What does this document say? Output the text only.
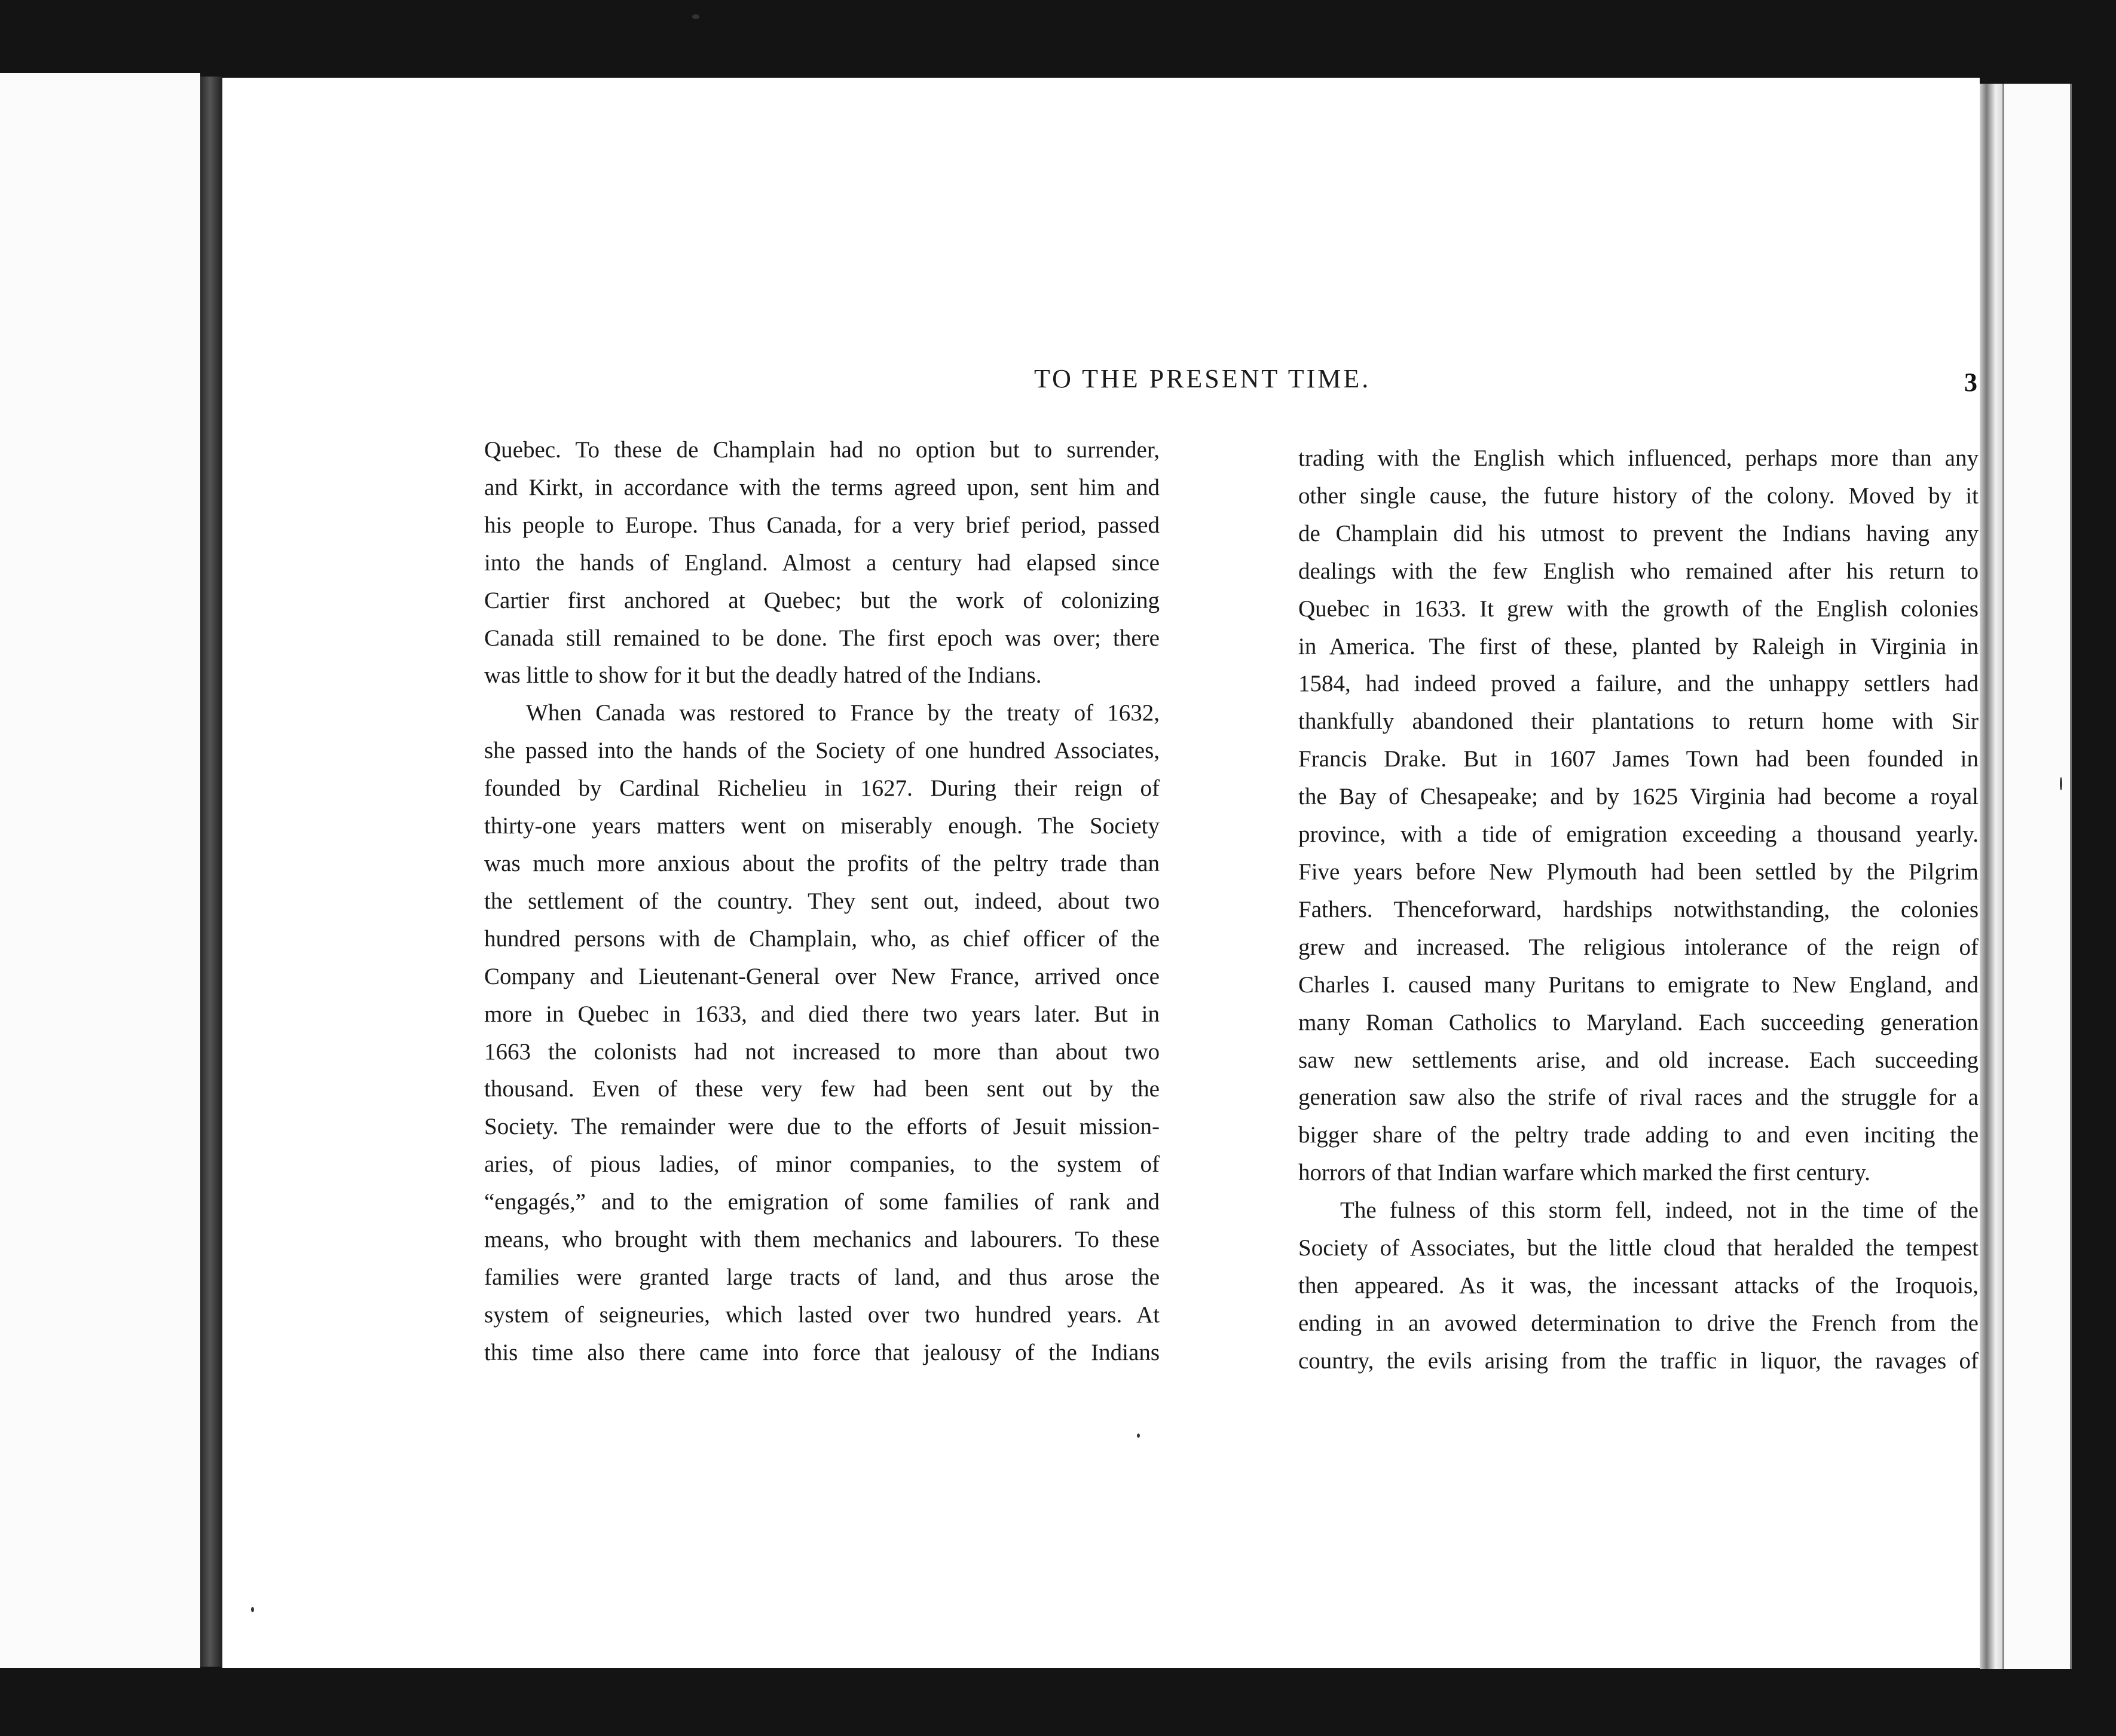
TO THE PRESENT TIME.	3
Quebec. To these de Champlain had no option but to surrender,
and Kirkt, in accordance with the terms agreed upon, sent him and
his people to Europe. Thus Canada, for a very brief period, passed
into the hands of England. Almost a century had elapsed since
Cartier first anchored at Quebec; but the work of colonizing
Canada still remained to be done. The first epoch was over; there
was little to show for it but the deadly hatred of the Indians.
When Canada was restored to France by the treaty of 1632,
she passed into the hands of the Society of one hundred Associates,
founded by Cardinal Richelieu in 1627. During their reign of
thirty-one years matters went on miserably enough. The Society
was much more anxious about the profits of the peltry trade than
the settlement of the country. They sent out, indeed, about two
hundred persons with de Champlain, who, as chief officer of the
Company and Lieutenant-General over New France, arrived once
more in Quebec in 1633, and died there two years later. But in
1663 the colonists had not increased to more than about two
thousand. Even of these very few had been sent out by the
Society. The remainder were due to the efforts of Jesuit mission-
aries, of pious ladies, of minor companies, to the system of
“engagés,” and to the emigration of some families of rank and
means, who brought with them mechanics and labourers. To these
families were granted large tracts of land, and thus arose the
system of seigneuries, which lasted over two hundred years. At
this time also there came into force that jealousy of the Indians
trading with the English which influenced, perhaps more than any
other single cause, the future history of the colony. Moved by it
de Champlain did his utmost to prevent the Indians having any
dealings with the few English who remained after his return to
Quebec in 1633. It grew with the growth of the English colonies
in America. The first of these, planted by Raleigh in Virginia in
1584, had indeed proved a failure, and the unhappy settlers had
thankfully abandoned their plantations to return home with Sir
Francis Drake. But in 1607 James Town had been founded in
the Bay of Chesapeake; and by 1625 Virginia had become a royal
province, with a tide of emigration exceeding a thousand yearly.
Five years before New Plymouth had been settled by the Pilgrim
Fathers. Thenceforward, hardships notwithstanding, the colonies
grew and increased. The religious intolerance of the reign of
Charles I. caused many Puritans to emigrate to New England, and
many Roman Catholics to Maryland. Each succeeding generation
saw new settlements arise, and old increase. Each succeeding
generation saw also the strife of rival races and the struggle for a
bigger share of the peltry trade adding to and even inciting the
horrors of that Indian warfare which marked the first century.
The fulness of this storm fell, indeed, not in the time of the
Society of Associates, but the little cloud that heralded the tempest
then appeared. As it was, the incessant attacks of the Iroquois,
ending in an avowed determination to drive the French from the
country, the evils arising from the traffic in liquor, the ravages of
